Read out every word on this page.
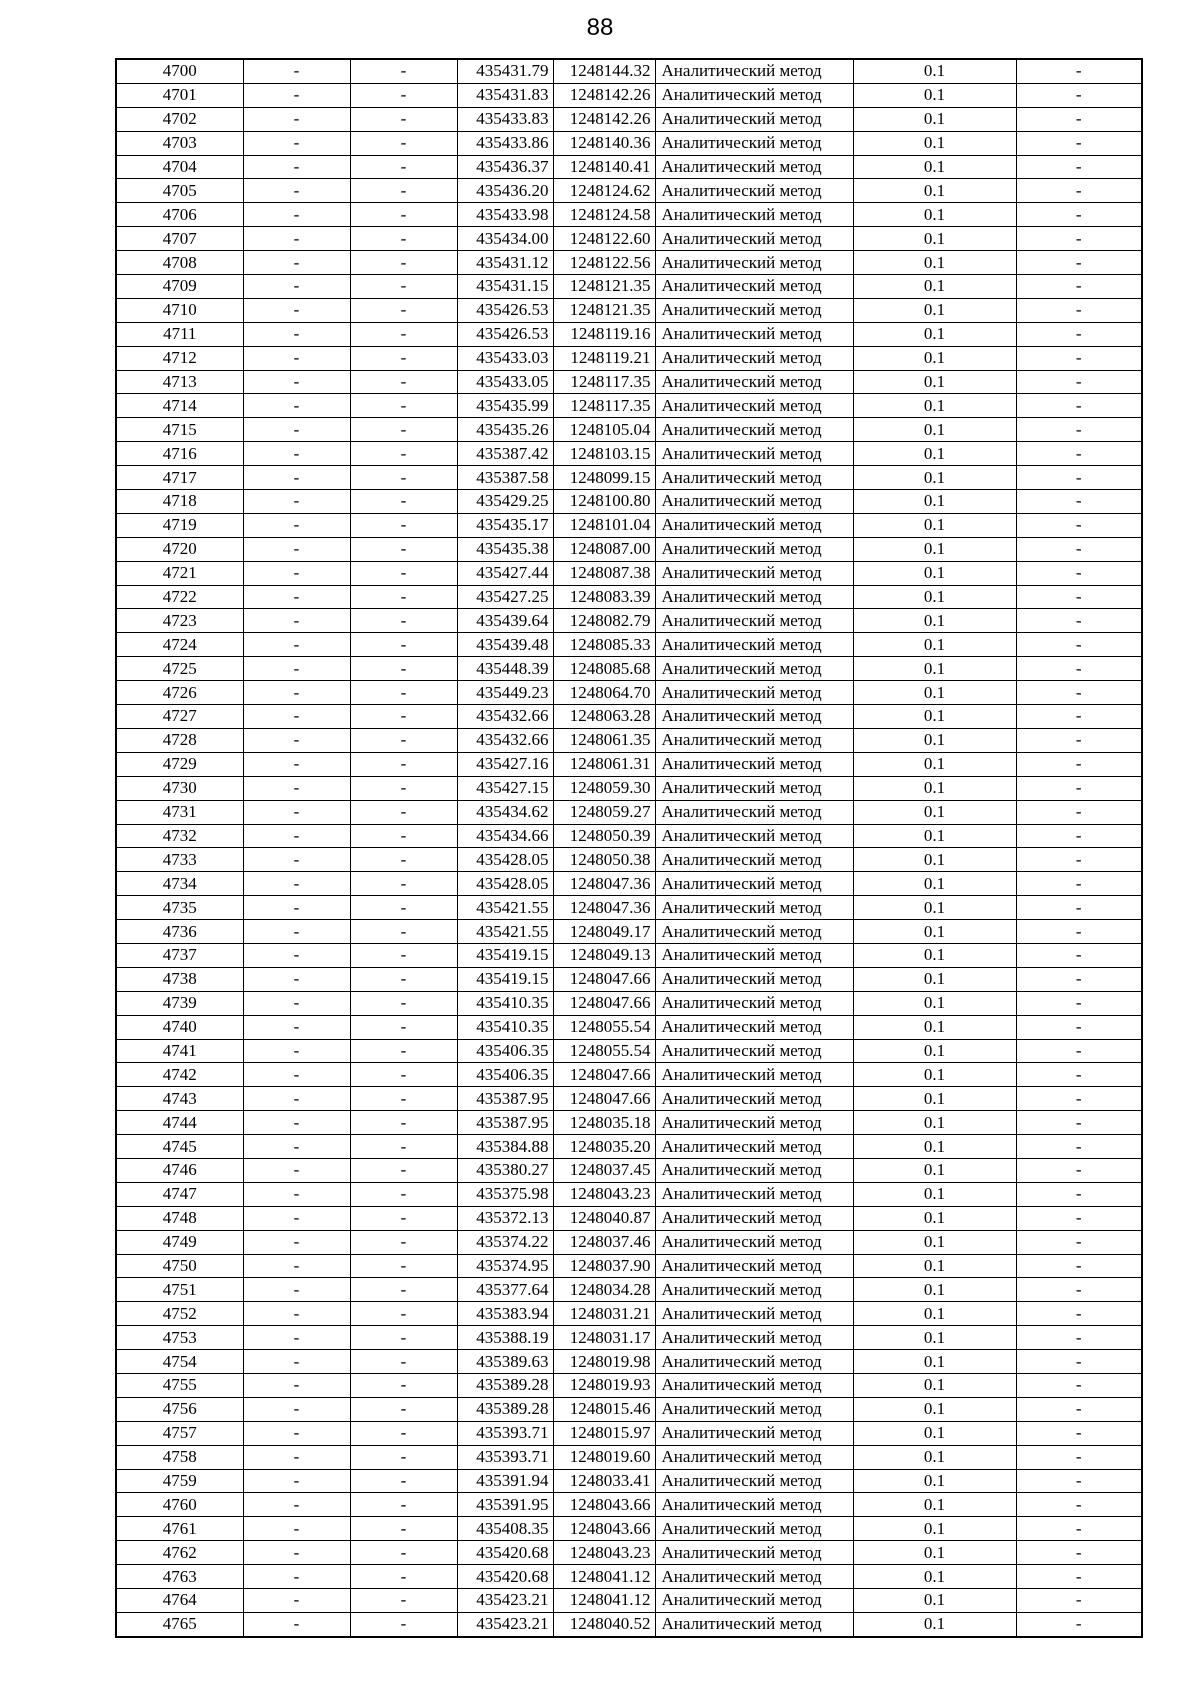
88
4700	-	-	435431.79	1248144.32	Аналитический метод	0.1	-
4701	-	-	435431.83	1248142.26	Аналитический метод	0.1	-
4702	-	-	435433.83	1248142.26	Аналитический метод	0.1	-
4703	-	-	435433.86	1248140.36	Аналитический метод	0.1	-
4704	-	-	435436.37	1248140.41	Аналитический метод	0.1	-
4705	-	-	435436.20	1248124.62	Аналитический метод	0.1	-
4706	-	-	435433.98	1248124.58	Аналитический метод	0.1	-
4707	-	-	435434.00	1248122.60	Аналитический метод	0.1	-
4708	-	-	435431.12	1248122.56	Аналитический метод	0.1	-
4709	-	-	435431.15	1248121.35	Аналитический метод	0.1	-
4710	-	-	435426.53	1248121.35	Аналитический метод	0.1	-
4711	-	-	435426.53	1248119.16	Аналитический метод	0.1	-
4712	-	-	435433.03	1248119.21	Аналитический метод	0.1	-
4713	-	-	435433.05	1248117.35	Аналитический метод	0.1	-
4714	-	-	435435.99	1248117.35	Аналитический метод	0.1	-
4715	-	-	435435.26	1248105.04	Аналитический метод	0.1	-
4716	-	-	435387.42	1248103.15	Аналитический метод	0.1	-
4717	-	-	435387.58	1248099.15	Аналитический метод	0.1	-
4718	-	-	435429.25	1248100.80	Аналитический метод	0.1	-
4719	-	-	435435.17	1248101.04	Аналитический метод	0.1	-
4720	-	-	435435.38	1248087.00	Аналитический метод	0.1	-
4721	-	-	435427.44	1248087.38	Аналитический метод	0.1	-
4722	-	-	435427.25	1248083.39	Аналитический метод	0.1	-
4723	-	-	435439.64	1248082.79	Аналитический метод	0.1	-
4724	-	-	435439.48	1248085.33	Аналитический метод	0.1	-
4725	-	-	435448.39	1248085.68	Аналитический метод	0.1	-
4726	-	-	435449.23	1248064.70	Аналитический метод	0.1	-
4727	-	-	435432.66	1248063.28	Аналитический метод	0.1	-
4728	-	-	435432.66	1248061.35	Аналитический метод	0.1	-
4729	-	-	435427.16	1248061.31	Аналитический метод	0.1	-
4730	-	-	435427.15	1248059.30	Аналитический метод	0.1	-
4731	-	-	435434.62	1248059.27	Аналитический метод	0.1	-
4732	-	-	435434.66	1248050.39	Аналитический метод	0.1	-
4733	-	-	435428.05	1248050.38	Аналитический метод	0.1	-
4734	-	-	435428.05	1248047.36	Аналитический метод	0.1	-
4735	-	-	435421.55	1248047.36	Аналитический метод	0.1	-
4736	-	-	435421.55	1248049.17	Аналитический метод	0.1	-
4737	-	-	435419.15	1248049.13	Аналитический метод	0.1	-
4738	-	-	435419.15	1248047.66	Аналитический метод	0.1	-
4739	-	-	435410.35	1248047.66	Аналитический метод	0.1	-
4740	-	-	435410.35	1248055.54	Аналитический метод	0.1	-
4741	-	-	435406.35	1248055.54	Аналитический метод	0.1	-
4742	-	-	435406.35	1248047.66	Аналитический метод	0.1	-
4743	-	-	435387.95	1248047.66	Аналитический метод	0.1	-
4744	-	-	435387.95	1248035.18	Аналитический метод	0.1	-
4745	-	-	435384.88	1248035.20	Аналитический метод	0.1	-
4746	-	-	435380.27	1248037.45	Аналитический метод	0.1	-
4747	-	-	435375.98	1248043.23	Аналитический метод	0.1	-
4748	-	-	435372.13	1248040.87	Аналитический метод	0.1	-
4749	-	-	435374.22	1248037.46	Аналитический метод	0.1	-
4750	-	-	435374.95	1248037.90	Аналитический метод	0.1	-
4751	-	-	435377.64	1248034.28	Аналитический метод	0.1	-
4752	-	-	435383.94	1248031.21	Аналитический метод	0.1	-
4753	-	-	435388.19	1248031.17	Аналитический метод	0.1	-
4754	-	-	435389.63	1248019.98	Аналитический метод	0.1	-
4755	-	-	435389.28	1248019.93	Аналитический метод	0.1	-
4756	-	-	435389.28	1248015.46	Аналитический метод	0.1	-
4757	-	-	435393.71	1248015.97	Аналитический метод	0.1	-
4758	-	-	435393.71	1248019.60	Аналитический метод	0.1	-
4759	-	-	435391.94	1248033.41	Аналитический метод	0.1	-
4760	-	-	435391.95	1248043.66	Аналитический метод	0.1	-
4761	-	-	435408.35	1248043.66	Аналитический метод	0.1	-
4762	-	-	435420.68	1248043.23	Аналитический метод	0.1	-
4763	-	-	435420.68	1248041.12	Аналитический метод	0.1	-
4764	-	-	435423.21	1248041.12	Аналитический метод	0.1	-
4765	-	-	435423.21	1248040.52	Аналитический метод	0.1	-
